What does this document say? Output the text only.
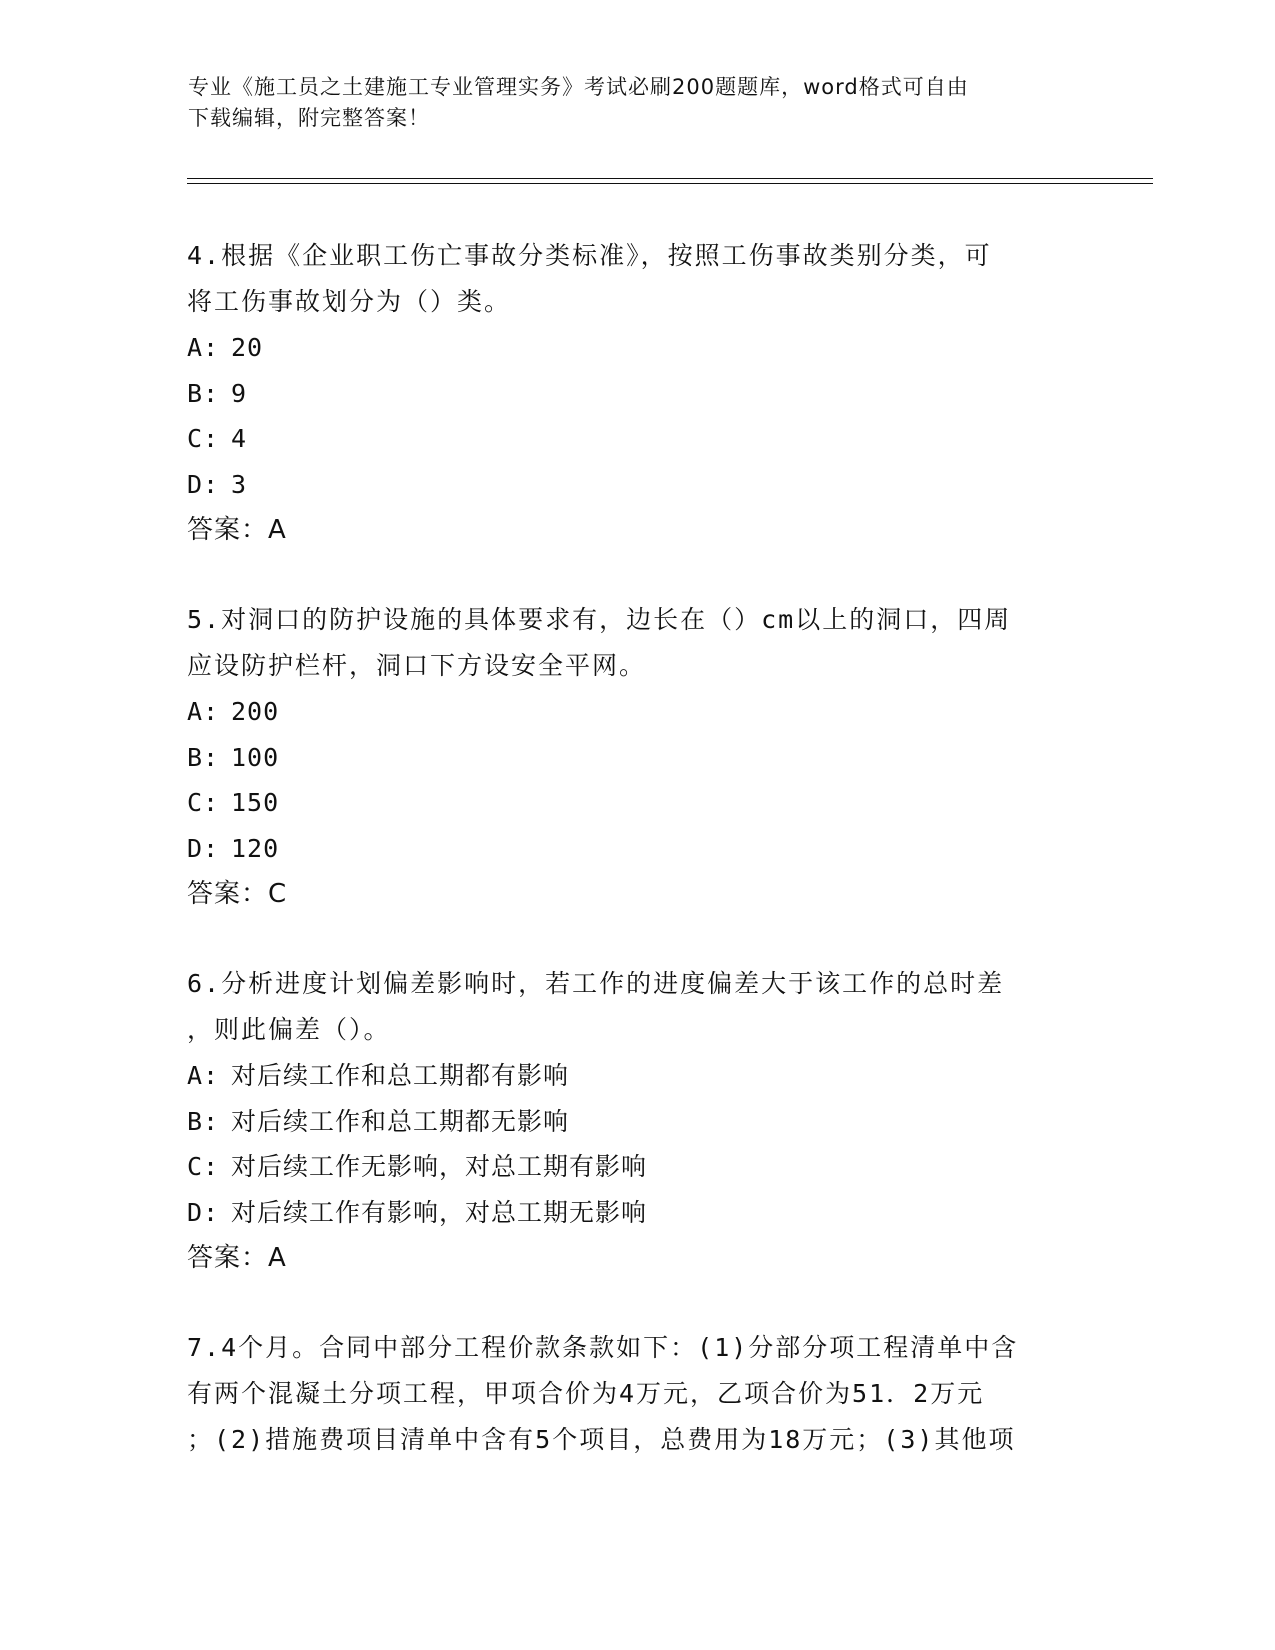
专业《施工员之土建施工专业管理实务》考试必刷200题题库，word格式可自由
下载编辑，附完整答案！
4.根据《企业职工伤亡事故分类标准》，按照工伤事故类别分类，可
将工伤事故划分为（）类。
A: 20
B: 9
C: 4
D: 3
答案：A
5.对洞口的防护设施的具体要求有，边长在（）cm以上的洞口，四周
应设防护栏杆，洞口下方设安全平网。
A: 200
B: 100
C: 150
D: 120
答案：C
6.分析进度计划偏差影响时，若工作的进度偏差大于该工作的总时差
，则此偏差（）。
A: 对后续工作和总工期都有影响
B: 对后续工作和总工期都无影响
C: 对后续工作无影响，对总工期有影响
D: 对后续工作有影响，对总工期无影响
答案：A
7.4个月。合同中部分工程价款条款如下：(1)分部分项工程清单中含
有两个混凝土分项工程，甲项合价为4万元，乙项合价为51．2万元
；(2)措施费项目清单中含有5个项目，总费用为18万元；(3)其他项
